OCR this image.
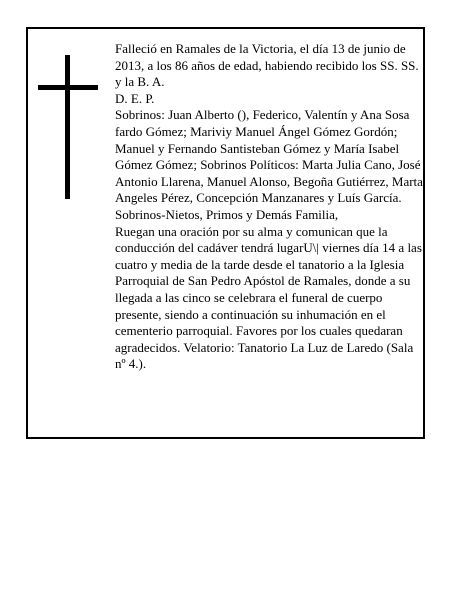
Falleció en Ramales de la Victoria, el día 13 de junio de 2013, a los 86 años de edad, habiendo recibido los SS. SS. y la B. A.

D. E. P.

Sobrinos: Juan Alberto (), Federico, Valentín y Ana Sosa fardo Gómez; Mariviy Manuel Ángel Gómez Gordón; Manuel y Fernando Santisteban Gómez y María Isabel Gómez Gómez; Sobrinos Políticos: Marta Julia Cano, José Antonio Llarena, Manuel Alonso, Begoña Gutiérrez, Marta Angeles Pérez, Concepción Manzanares y Luís García. Sobrinos-Nietos, Primos y Demás Familia,

Ruegan una oración por su alma y comunican que la conducción del cadáver tendrá lugarU\| viernes día 14 a las cuatro y media de la tarde desde el tanatorio a la Iglesia Parroquial de San Pedro Apóstol de Ramales, donde a su llegada a las cinco se celebrara el funeral de cuerpo presente, siendo a continuación su inhumación en el cementerio parroquial. Favores por los cuales quedaran agradecidos. Velatorio: Tanatorio La Luz de Laredo (Sala nº 4.).
